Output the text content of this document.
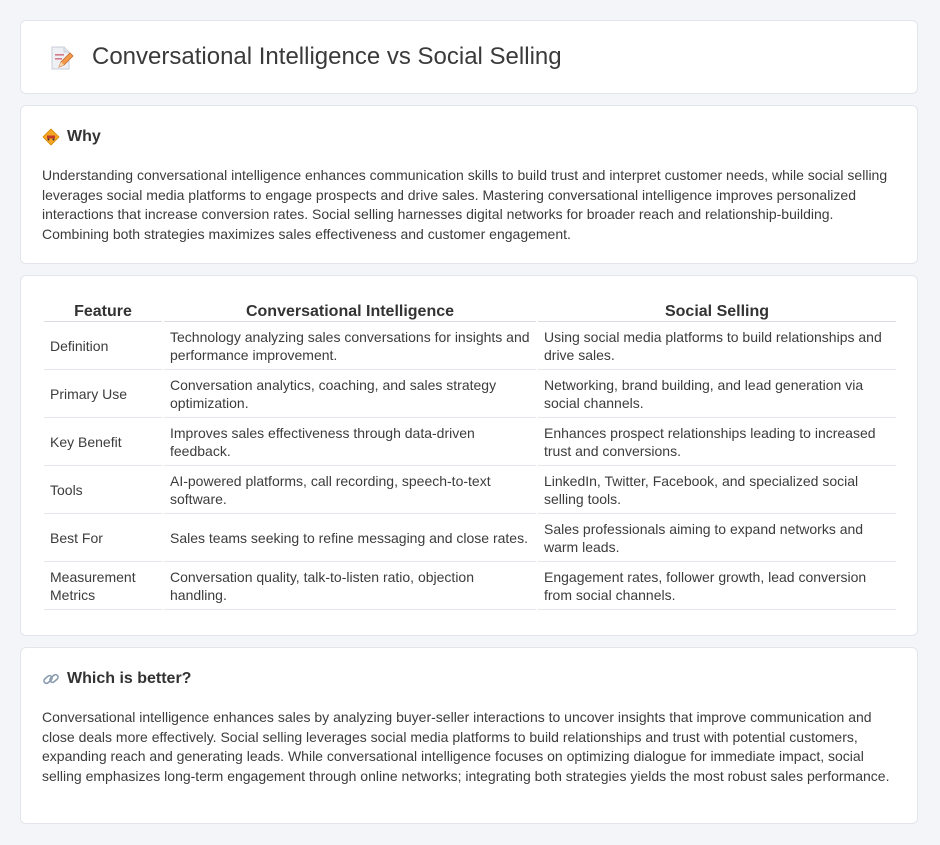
Conversational Intelligence vs Social Selling
Why

Understanding conversational intelligence enhances communication skills to build trust and interpret customer needs, while social selling leverages social media platforms to engage prospects and drive sales. Mastering conversational intelligence improves personalized interactions that increase conversion rates. Social selling harnesses digital networks for broader reach and relationship-building. Combining both strategies maximizes sales effectiveness and customer engagement.

Feature	Conversational Intelligence	Social Selling
Definition	Technology analyzing sales conversations for insights and performance improvement.	Using social media platforms to build relationships and drive sales.
Primary Use	Conversation analytics, coaching, and sales strategy optimization.	Networking, brand building, and lead generation via social channels.
Key Benefit	Improves sales effectiveness through data-driven feedback.	Enhances prospect relationships leading to increased trust and conversions.
Tools	AI-powered platforms, call recording, speech-to-text software.	LinkedIn, Twitter, Facebook, and specialized social selling tools.
Best For	Sales teams seeking to refine messaging and close rates.	Sales professionals aiming to expand networks and warm leads.
Measurement Metrics	Conversation quality, talk-to-listen ratio, objection handling.	Engagement rates, follower growth, lead conversion from social channels.
Which is better?

Conversational intelligence enhances sales by analyzing buyer-seller interactions to uncover insights that improve communication and close deals more effectively. Social selling leverages social media platforms to build relationships and trust with potential customers, expanding reach and generating leads. While conversational intelligence focuses on optimizing dialogue for immediate impact, social selling emphasizes long-term engagement through online networks; integrating both strategies yields the most robust sales performance.
